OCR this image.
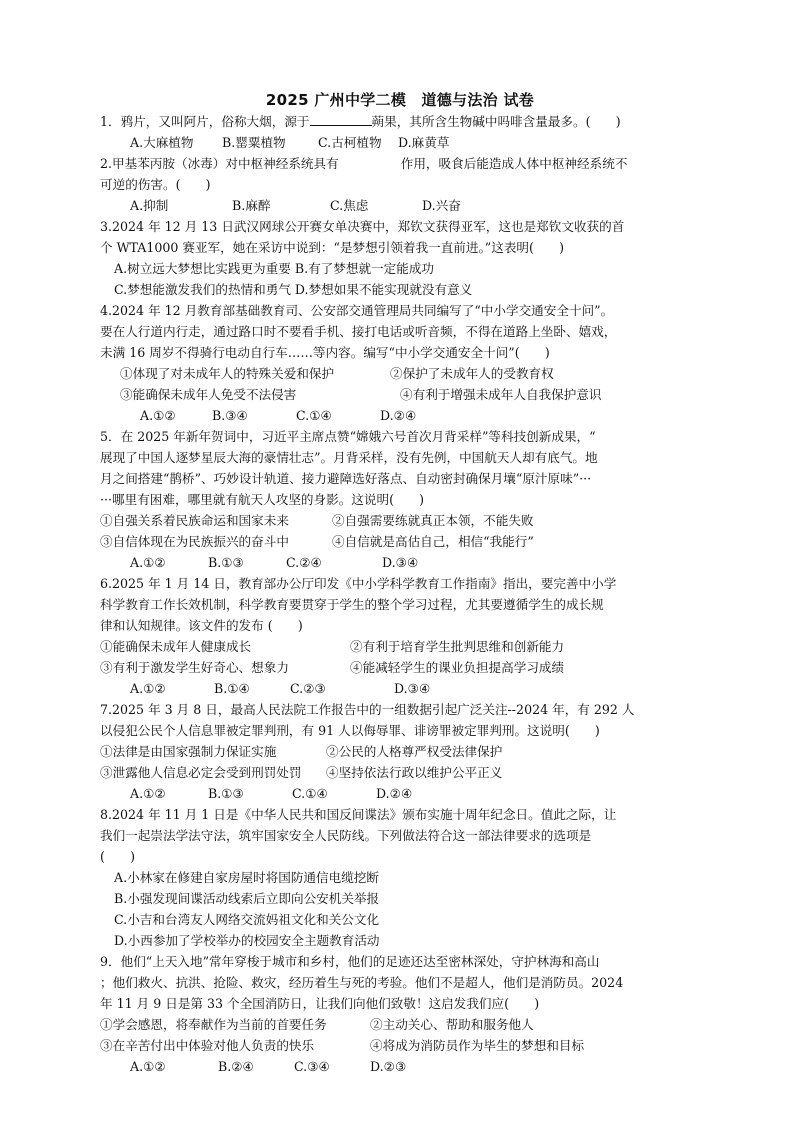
2025 广州中学二模　道德与法治 试卷
1．鸦片，又叫阿片，俗称大烟，源于	蒴果，其所含生物碱中吗啡含量最多。(　　)
A.大麻植物	B.罂粟植物	C.古柯植物	D.麻黄草
2.甲基苯丙胺（冰毒）对中枢神经系统具有	作用，吸食后能造成人体中枢神经系统不
可逆的伤害。(　　)
A.抑制	B.麻醉	C.焦虑	D.兴奋
3.2024 年 12 月 13 日武汉网球公开赛女单决赛中，郑钦文获得亚军，这也是郑钦文收获的首
个 WTA1000 赛亚军，她在采访中说到：“是梦想引领着我一直前进。”这表明(　　)
A.树立远大梦想比实践更为重要 B.有了梦想就一定能成功
C.梦想能激发我们的热情和勇气 D.梦想如果不能实现就没有意义
4.2024 年 12 月教育部基础教育司、公安部交通管理局共同编写了“中小学交通安全十问”。
要在人行道内行走，通过路口时不要看手机、接打电话或听音频，不得在道路上坐卧、嬉戏，
未满 16 周岁不得骑行电动自行车……等内容。编写“中小学交通安全十问”(　　)
①体现了对未成年人的特殊关爱和保护	②保护了未成年人的受教育权
③能确保未成年人免受不法侵害	④有利于增强未成年人自我保护意识
A.①②	B.③④	C.①④	D.②④
5．在 2025 年新年贺词中，习近平主席点赞“嫦娥六号首次月背采样”等科技创新成果，“
展现了中国人逐梦星辰大海的豪情壮志”。月背采样，没有先例，中国航天人却有底气。地
月之间搭建“鹊桥”、巧妙设计轨道、接力避障选好落点、自动密封确保月壤“原汁原味”···
···哪里有困难，哪里就有航天人攻坚的身影。这说明(　　)
①自强关系着民族命运和国家未来	②自强需要练就真正本领，不能失败
③自信体现在为民族振兴的奋斗中	④自信就是高估自己，相信“我能行”
A.①②	B.①③	C.②④	D.③④
6.2025 年 1 月 14 日，教育部办公厅印发《中小学科学教育工作指南》指出，要完善中小学
科学教育工作长效机制，科学教育要贯穿于学生的整个学习过程，尤其要遵循学生的成长规
律和认知规律。该文件的发布 (　　)
①能确保未成年人健康成长	②有利于培育学生批判思维和创新能力
③有利于激发学生好奇心、想象力	④能减轻学生的课业负担提高学习成绩
A.①②	B.①④	C.②③	D.③④
7.2025 年 3 月 8 日，最高人民法院工作报告中的一组数据引起广泛关注--2024 年，有 292 人
以侵犯公民个人信息罪被定罪判刑，有 91 人以侮辱罪、诽谤罪被定罪判刑。这说明(　　)
①法律是由国家强制力保证实施	②公民的人格尊严权受法律保护
③泄露他人信息必定会受到刑罚处罚	④坚持依法行政以维护公平正义
A.①②	B.①③	C.①④	D.②④
8.2024 年 11 月 1 日是《中华人民共和国反间谍法》颁布实施十周年纪念日。值此之际，让
我们一起崇法学法守法，筑牢国家安全人民防线。下列做法符合这一部法律要求的选项是
(　　)
A.小林家在修建自家房屋时将国防通信电缆挖断
B.小强发现间谍活动线索后立即向公安机关举报
C.小吉和台湾友人网络交流妈祖文化和关公文化
D.小西参加了学校举办的校园安全主题教育活动
9．他们“上天入地”常年穿梭于城市和乡村，他们的足迹还达至密林深处，守护林海和高山
；他们救火、抗洪、抢险、救灾，经历着生与死的考验。他们不是超人，他们是消防员。2024
年 11 月 9 日是第 33 个全国消防日，让我们向他们致敬！这启发我们应(　　)
①学会感恩，将奉献作为当前的首要任务	②主动关心、帮助和服务他人
③在辛苦付出中体验对他人负责的快乐	④将成为消防员作为毕生的梦想和目标
A.①②	B.②④	C.③④	D.②③
